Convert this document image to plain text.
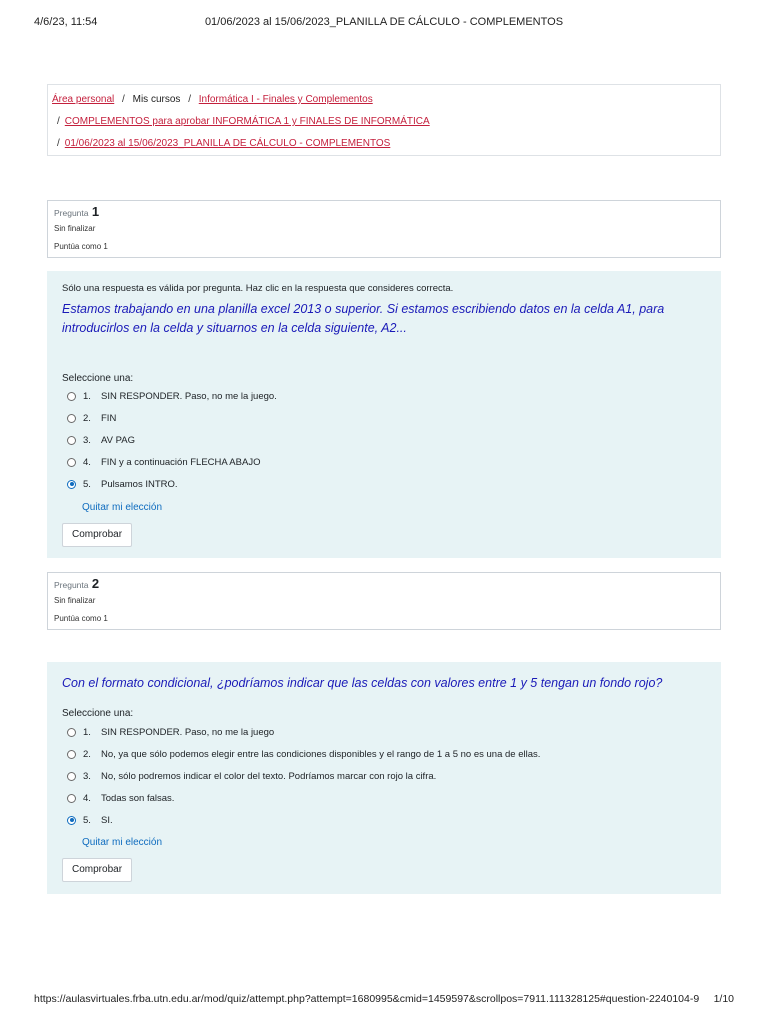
4/6/23, 11:54	01/06/2023 al 15/06/2023_PLANILLA DE CÁLCULO - COMPLEMENTOS
Área personal / Mis cursos / Informática I - Finales y Complementos
/ COMPLEMENTOS para aprobar INFORMÁTICA 1 y FINALES DE INFORMÁTICA
/ 01/06/2023 al 15/06/2023_PLANILLA DE CÁLCULO - COMPLEMENTOS
Pregunta 1
Sin finalizar
Puntúa como 1
Sólo una respuesta es válida por pregunta. Haz clic en la respuesta que consideres correcta.
Estamos trabajando en una planilla excel 2013 o superior. Si estamos escribiendo datos en la celda A1, para introducirlos en la celda y situarnos en la celda siguiente, A2...
Seleccione una:
1.	SIN RESPONDER. Paso, no me la juego.
2.	FIN
3.	AV PAG
4.	FIN y a continuación FLECHA ABAJO
5.	Pulsamos INTRO.
Quitar mi elección
Comprobar
Pregunta 2
Sin finalizar
Puntúa como 1
Con el formato condicional, ¿podríamos indicar que las celdas con valores entre 1 y 5 tengan un fondo rojo?
Seleccione una:
1.	SIN RESPONDER. Paso, no me la juego
2.	No, ya que sólo podemos elegir entre las condiciones disponibles y el rango de 1 a 5 no es una de ellas.
3.	No, sólo podremos indicar el color del texto. Podríamos marcar con rojo la cifra.
4.	Todas son falsas.
5.	SI.
Quitar mi elección
Comprobar
https://aulasvirtuales.frba.utn.edu.ar/mod/quiz/attempt.php?attempt=1680995&cmid=1459597&scrollpos=7911.111328125#question-2240104-9 1/10
